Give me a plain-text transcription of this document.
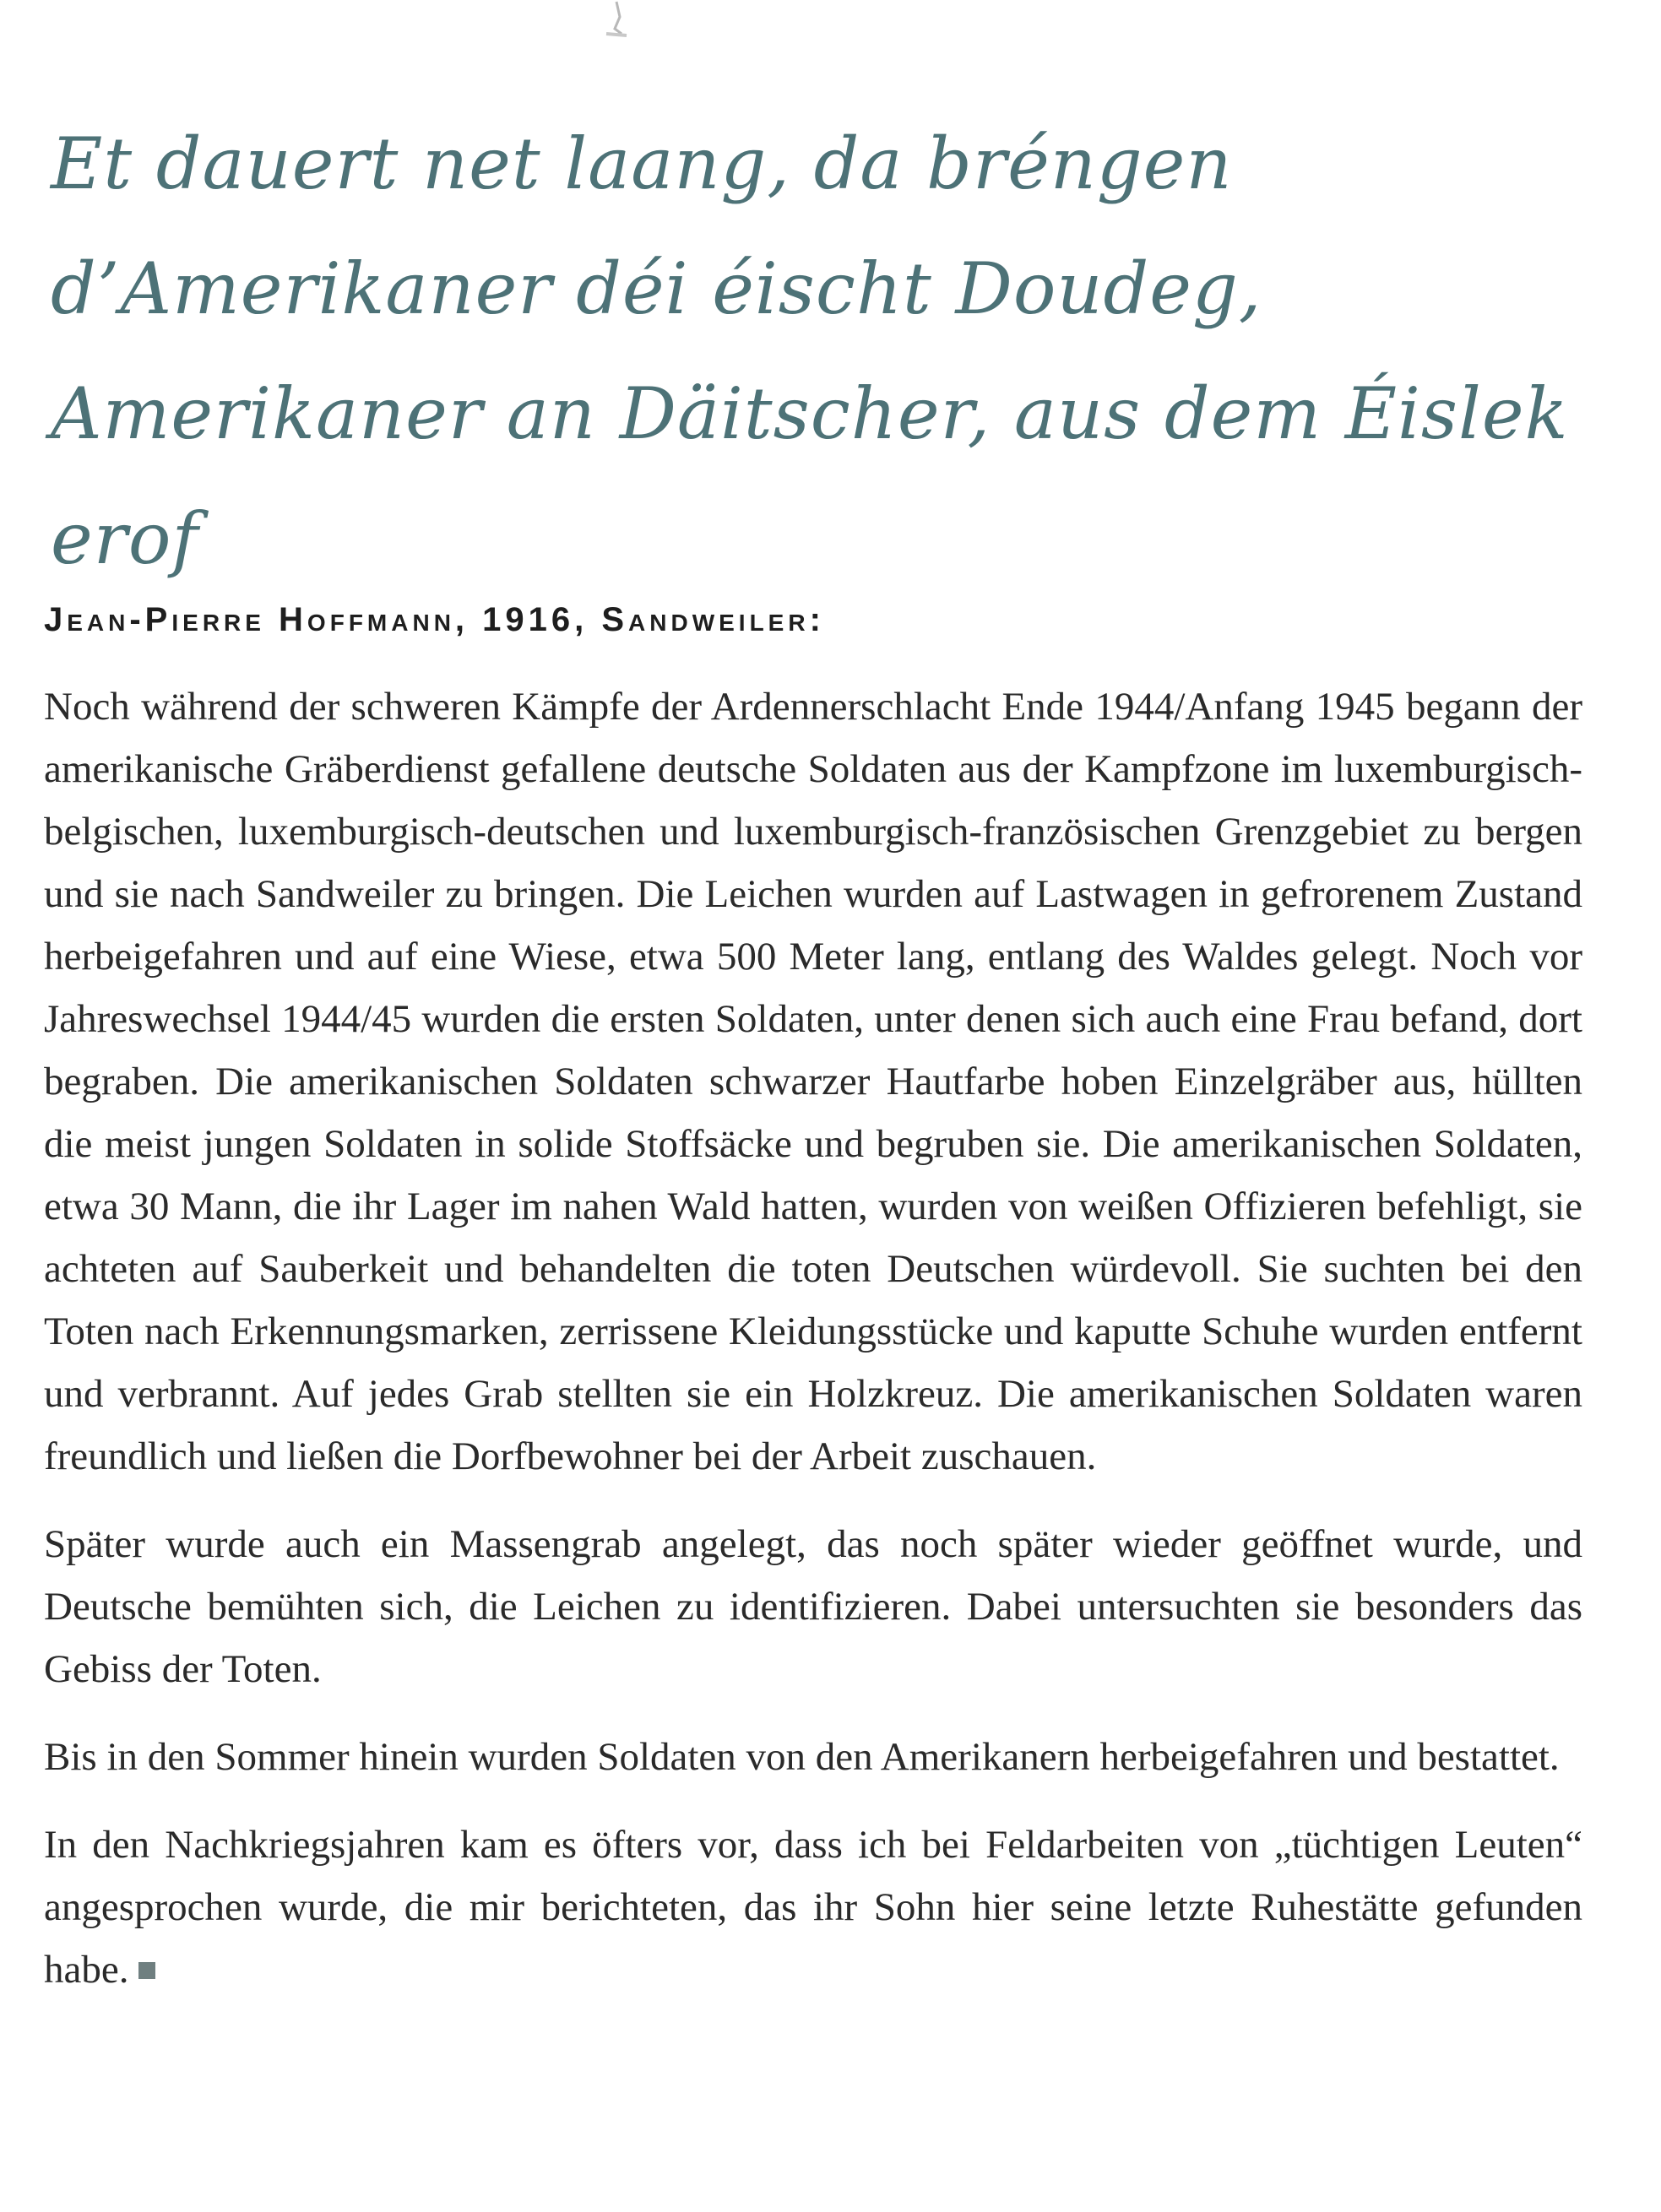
Et dauert net laang, da bréngen d’Amerikaner déi éischt Doudeg, Amerikaner an Däitscher, aus dem Éislek erof
Jean-Pierre Hoffmann, 1916, Sandweiler:

Noch während der schweren Kämpfe der Ardennerschlacht Ende 1944/Anfang 1945 begann der amerikanische Gräberdienst gefallene deutsche Soldaten aus der Kampfzone im luxemburgisch-belgischen, luxemburgisch-deutschen und luxemburgisch-französischen Grenzgebiet zu bergen und sie nach Sandweiler zu bringen. Die Leichen wurden auf Lastwagen in gefrorenem Zustand herbeigefahren und auf eine Wiese, etwa 500 Meter lang, entlang des Waldes gelegt. Noch vor Jahreswechsel 1944/45 wurden die ersten Soldaten, unter denen sich auch eine Frau befand, dort begraben. Die amerikanischen Soldaten schwarzer Hautfarbe hoben Einzelgräber aus, hüllten die meist jungen Soldaten in solide Stoffsäcke und begruben sie. Die amerikanischen Soldaten, etwa 30 Mann, die ihr Lager im nahen Wald hatten, wurden von weißen Offizieren befehligt, sie achteten auf Sauberkeit und behandelten die toten Deutschen würdevoll. Sie suchten bei den Toten nach Erkennungsmarken, zerrissene Kleidungsstücke und kaputte Schuhe wurden entfernt und verbrannt. Auf jedes Grab stellten sie ein Holzkreuz. Die amerikanischen Soldaten waren freundlich und ließen die Dorfbewohner bei der Arbeit zuschauen.

Später wurde auch ein Massengrab angelegt, das noch später wieder geöffnet wurde, und Deutsche bemühten sich, die Leichen zu identifizieren. Dabei untersuchten sie besonders das Gebiss der Toten.

Bis in den Sommer hinein wurden Soldaten von den Amerikanern herbeigefahren und bestattet.

In den Nachkriegsjahren kam es öfters vor, dass ich bei Feldarbeiten von „tüchtigen Leuten“ angesprochen wurde, die mir berichteten, das ihr Sohn hier seine letzte Ruhestätte gefunden habe.
